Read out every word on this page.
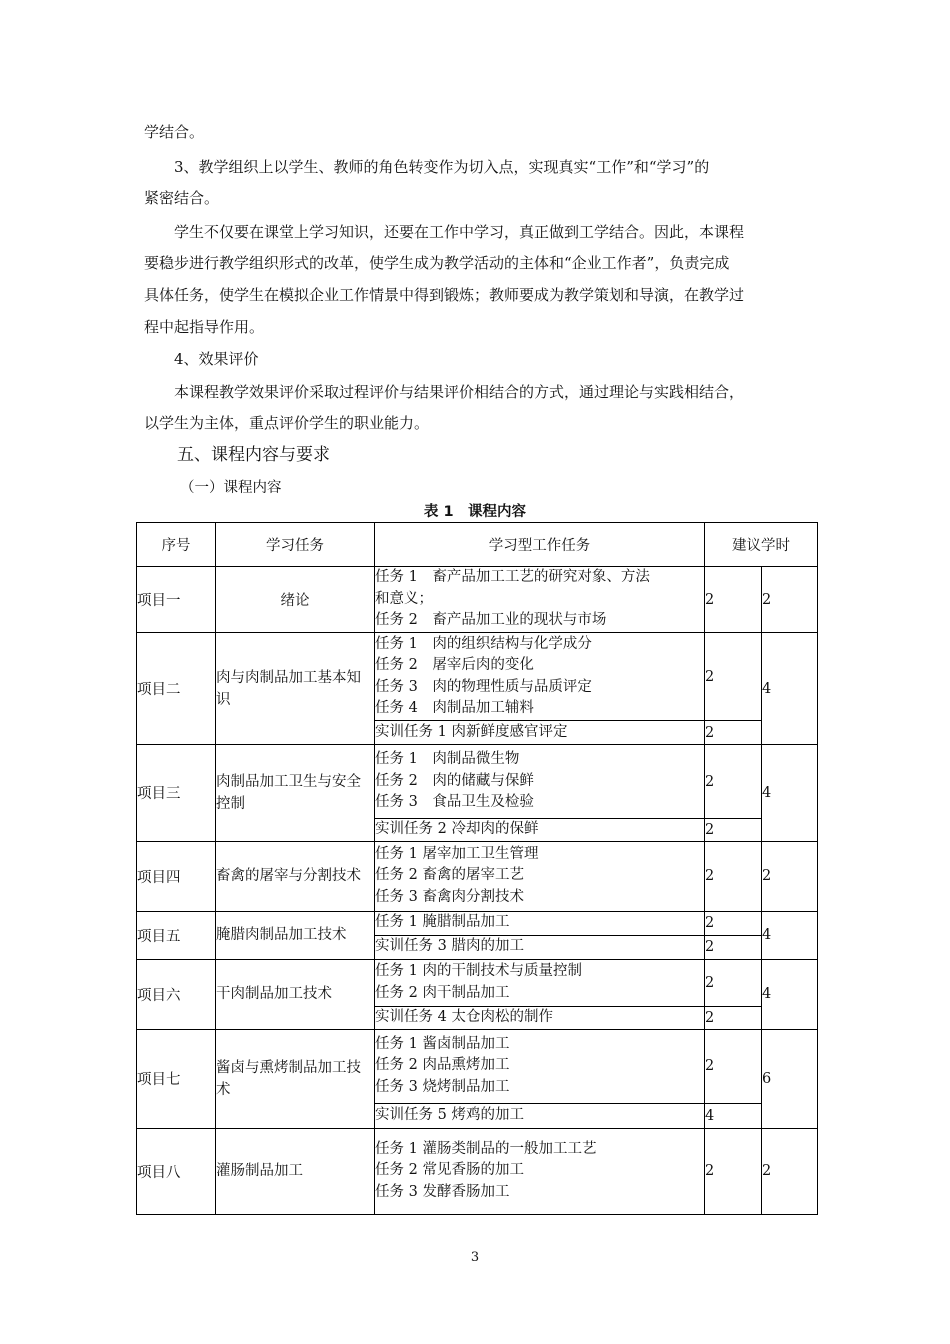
学结合。
3、教学组织上以学生、教师的角色转变作为切入点，实现真实“工作”和“学习”的
紧密结合。
学生不仅要在课堂上学习知识，还要在工作中学习，真正做到工学结合。因此，本课程
要稳步进行教学组织形式的改革，使学生成为教学活动的主体和“企业工作者”，负责完成
具体任务，使学生在模拟企业工作情景中得到锻炼；教师要成为教学策划和导演，在教学过
程中起指导作用。
4、效果评价
本课程教学效果评价采取过程评价与结果评价相结合的方式，通过理论与实践相结合，
以学生为主体，重点评价学生的职业能力。
五、课程内容与要求
（一）课程内容
表 1　课程内容
序号	学习任务	学习型工作任务	建议学时	
项目一	绪论	任务 1　畜产品加工工艺的研究对象、方法
和意义；
任务 2　畜产品加工业的现状与市场	2	2
项目二	肉与肉制品加工基本知识	任务 1　肉的组织结构与化学成分
任务 2　屠宰后肉的变化
任务 3　肉的物理性质与品质评定
任务 4　肉制品加工辅料	2	4
		实训任务 1 肉新鲜度感官评定	2	
项目三	肉制品加工卫生与安全控制	任务 1　肉制品微生物
任务 2　肉的储藏与保鲜
任务 3　食品卫生及检验	2	4
		实训任务 2 冷却肉的保鲜	2	
项目四	畜禽的屠宰与分割技术	任务 1 屠宰加工卫生管理
任务 2 畜禽的屠宰工艺
任务 3 畜禽肉分割技术	2	2
项目五	腌腊肉制品加工技术	任务 1 腌腊制品加工	2	4
		实训任务 3 腊肉的加工	2	
项目六	干肉制品加工技术	任务 1 肉的干制技术与质量控制
任务 2 肉干制品加工	2	4
		实训任务 4 太仓肉松的制作	2	
项目七	酱卤与熏烤制品加工技术	任务 1 酱卤制品加工
任务 2 肉品熏烤加工
任务 3 烧烤制品加工	2	6
		实训任务 5 烤鸡的加工	4	
项目八	灌肠制品加工	任务 1 灌肠类制品的一般加工工艺
任务 2 常见香肠的加工
任务 3 发酵香肠加工	2	2
3
